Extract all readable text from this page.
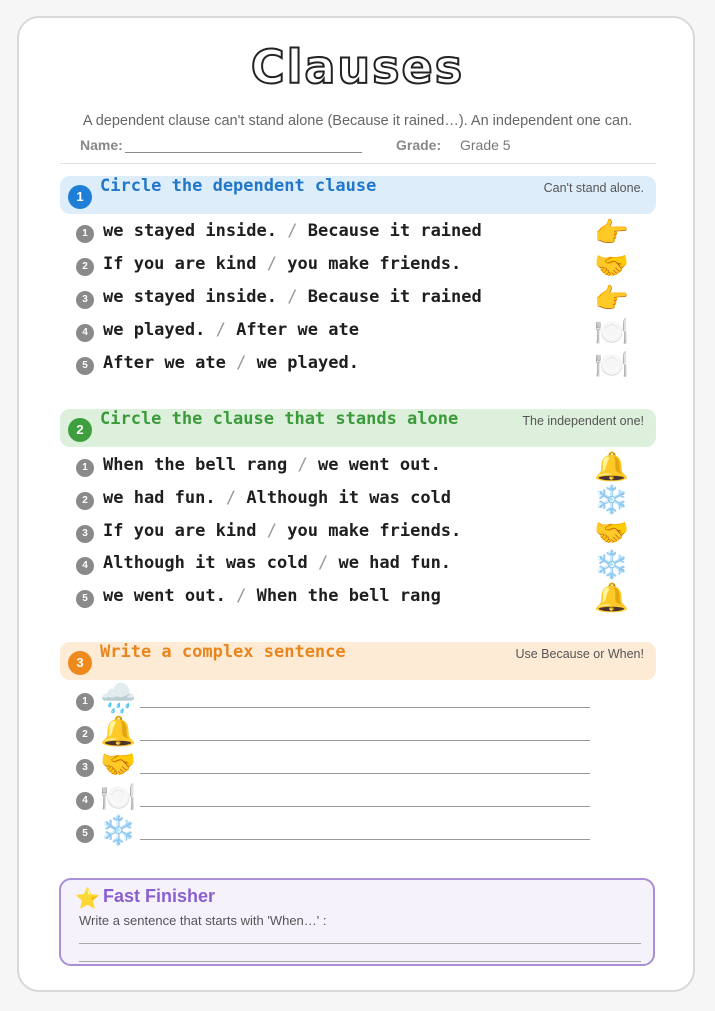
Clauses
A dependent clause can't stand alone (Because it rained…). An independent one can.
Name:	Grade: Grade 5
1
Circle the dependent clause	Can't stand alone.
1 we stayed inside. / Because it rained	👉
2 If you are kind / you make friends.	🤝
3 we stayed inside. / Because it rained	👉
4 we played. / After we ate	🍽️
5 After we ate / we played.	🍽️
2
Circle the clause that stands alone	The independent one!
1 When the bell rang / we went out.	🔔
2 we had fun. / Although it was cold	❄️
3 If you are kind / you make friends.	🤝
4 Although it was cold / we had fun.	❄️
5 we went out. / When the bell rang	🔔
3
Write a complex sentence	Use Because or When!
1 🌧️
2 🔔
3 🤝
4 🍽️
5 ❄️
⭐ Fast Finisher
Write a sentence that starts with 'When…' :
